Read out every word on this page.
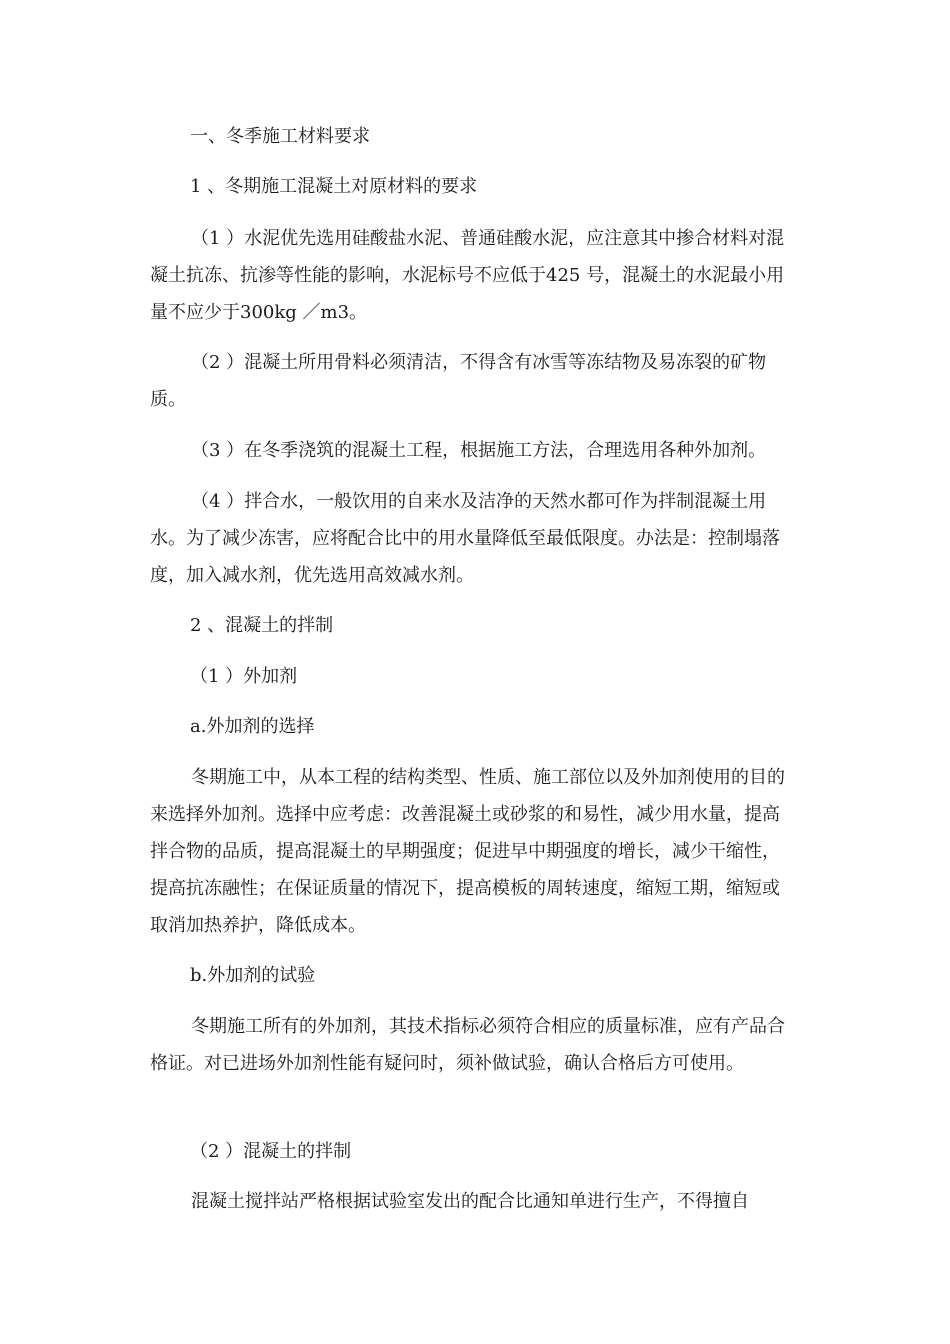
一、冬季施工材料要求

1 、冬期施工混凝土对原材料的要求

（1 ）水泥优先选用硅酸盐水泥、普通硅酸水泥，应注意其中掺合材料对混凝土抗冻、抗渗等性能的影响，水泥标号不应低于425 号，混凝土的水泥最小用量不应少于300kg ／m3。

（2 ）混凝土所用骨料必须清洁，不得含有冰雪等冻结物及易冻裂的矿物质。

（3 ）在冬季浇筑的混凝土工程，根据施工方法，合理选用各种外加剂。

（4 ）拌合水，一般饮用的自来水及洁净的天然水都可作为拌制混凝土用水。为了减少冻害，应将配合比中的用水量降低至最低限度。办法是：控制塌落度，加入减水剂，优先选用高效减水剂。

2 、混凝土的拌制

（1 ）外加剂

a.外加剂的选择

冬期施工中，从本工程的结构类型、性质、施工部位以及外加剂使用的目的来选择外加剂。选择中应考虑：改善混凝土或砂浆的和易性，减少用水量，提高拌合物的品质，提高混凝土的早期强度；促进早中期强度的增长，减少干缩性，提高抗冻融性；在保证质量的情况下，提高模板的周转速度，缩短工期，缩短或取消加热养护，降低成本。

b.外加剂的试验

冬期施工所有的外加剂，其技术指标必须符合相应的质量标准，应有产品合格证。对已进场外加剂性能有疑问时，须补做试验，确认合格后方可使用。

（2 ）混凝土的拌制

混凝土搅拌站严格根据试验室发出的配合比通知单进行生产，不得擅自
